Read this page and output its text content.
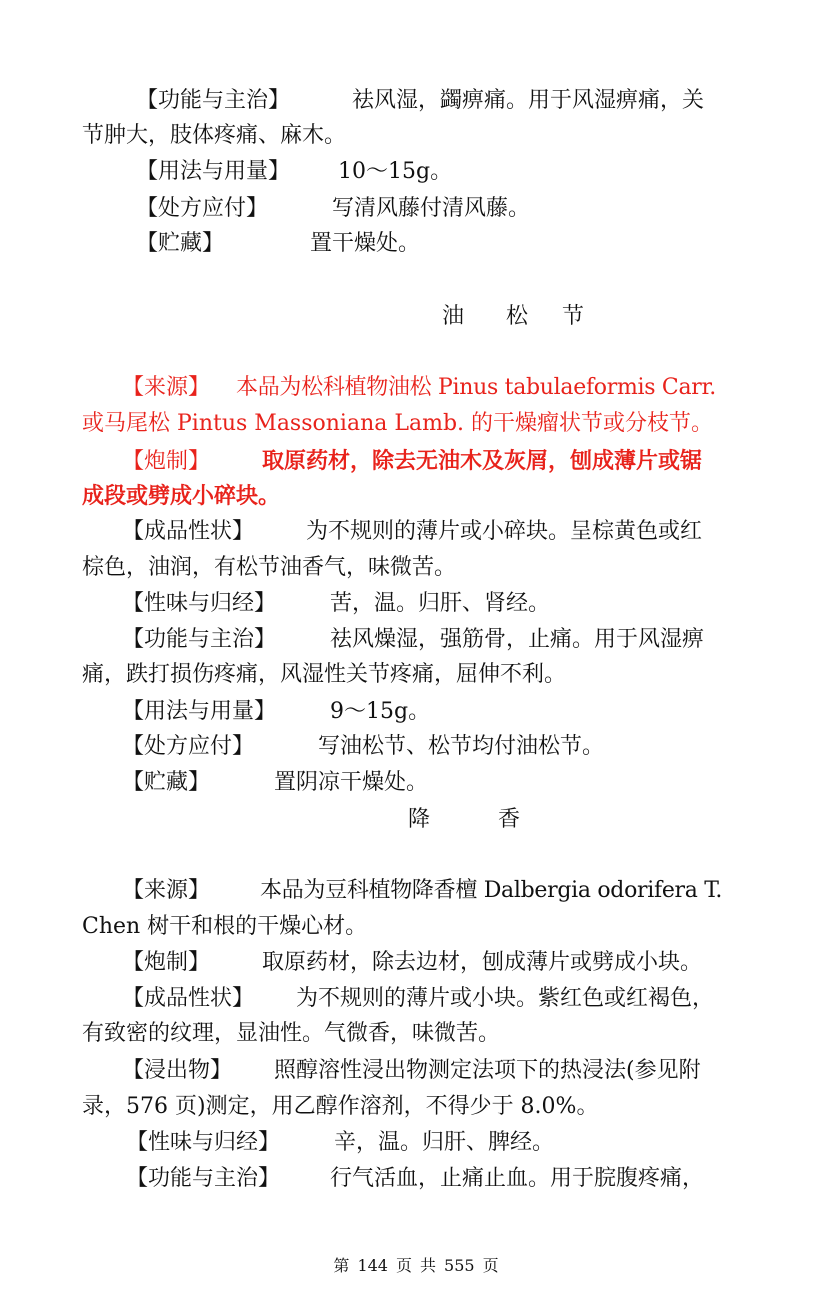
【功能与主治】	祛风湿，蠲痹痛。用于风湿痹痛，关
节肿大，肢体疼痛、麻木。
【用法与用量】 10～15g。
【处方应付】	写清风藤付清风藤。
【贮藏】	置干燥处。
油 松 节
【来源】 本品为松科植物油松 Pinus tabulaeformis Carr.
或马尾松 Pintus Massoniana Lamb. 的干燥瘤状节或分枝节。
【炮制】 取原药材，除去无油木及灰屑，刨成薄片或锯
成段或劈成小碎块。
【成品性状】 为不规则的薄片或小碎块。呈棕黄色或红
棕色，油润，有松节油香气，味微苦。
【性味与归经】 苦，温。归肝、肾经。
【功能与主治】 祛风燥湿，强筋骨，止痛。用于风湿痹
痛，跌打损伤疼痛，风湿性关节疼痛，屈伸不利。
【用法与用量】 9～15g。
【处方应付】	写油松节、松节均付油松节。
【贮藏】	置阴凉干燥处。
降	香
【来源】 本品为豆科植物降香檀 Dalbergia odorifera T.
Chen 树干和根的干燥心材。
【炮制】 取原药材，除去边材，刨成薄片或劈成小块。
【成品性状】 为不规则的薄片或小块。紫红色或红褐色，
有致密的纹理，显油性。气微香，味微苦。
【浸出物】 照醇溶性浸出物测定法项下的热浸法(参见附
录，576 页)测定，用乙醇作溶剂，不得少于 8.0%。
【性味与归经】 辛，温。归肝、脾经。
【功能与主治】 行气活血，止痛止血。用于脘腹疼痛，
第 144 页 共 555 页
